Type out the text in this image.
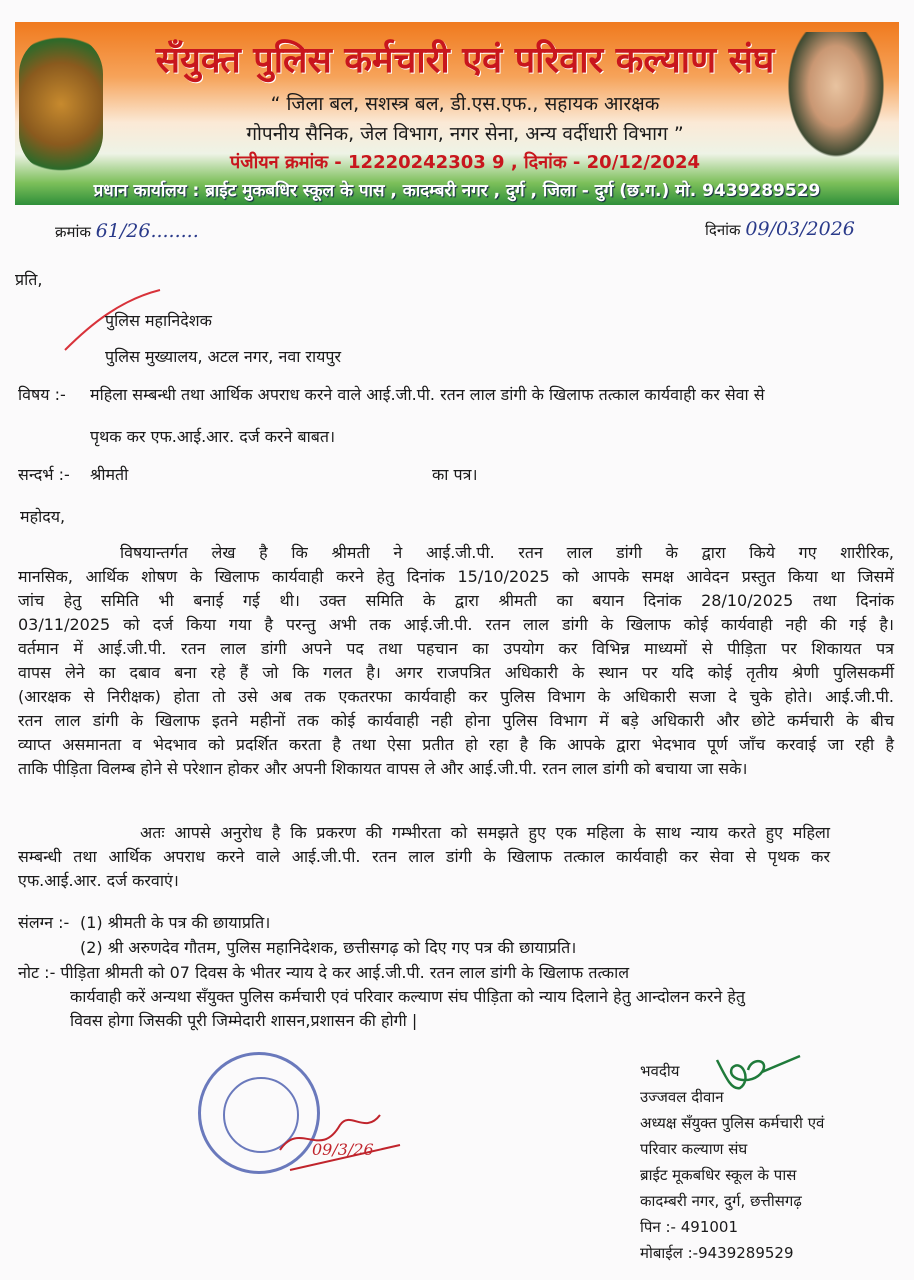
सँयुक्त पुलिस कर्मचारी एवं परिवार कल्याण संघ
“ जिला बल, सशस्त्र बल, डी.एस.एफ., सहायक आरक्षक
गोपनीय सैनिक, जेल विभाग, नगर सेना, अन्य वर्दीधारी विभाग ”
पंजीयन क्रमांक - 12220242303 9 , दिनांक - 20/12/2024
प्रधान कार्यालय : ब्राईट मुकबधिर स्कूल के पास , कादम्बरी नगर , दुर्ग , जिला - दुर्ग (छ.ग.) मो. 9439289529
क्रमांक 61/26........	दिनांक 09/03/2026
प्रति,
पुलिस महानिदेशक
पुलिस मुख्यालय, अटल नगर, नवा रायपुर
विषय :- महिला सम्बन्धी तथा आर्थिक अपराध करने वाले आई.जी.पी. रतन लाल डांगी के खिलाफ तत्काल कार्यवाही कर सेवा से
पृथक कर एफ.आई.आर. दर्ज करने बाबत।
सन्दर्भ :- श्रीमती	का पत्र।
महोदय,
विषयान्तर्गत लेख है कि श्रीमती ने आई.जी.पी. रतन लाल डांगी के द्वारा किये गए शारीरिक,
मानसिक, आर्थिक शोषण के खिलाफ कार्यवाही करने हेतु दिनांक 15/10/2025 को आपके समक्ष आवेदन प्रस्तुत किया था जिसमें
जांच हेतु समिति भी बनाई गई थी। उक्त समिति के द्वारा श्रीमती का बयान दिनांक 28/10/2025 तथा दिनांक
03/11/2025 को दर्ज किया गया है परन्तु अभी तक आई.जी.पी. रतन लाल डांगी के खिलाफ कोई कार्यवाही नही की गई है।
वर्तमान में आई.जी.पी. रतन लाल डांगी अपने पद तथा पहचान का उपयोग कर विभिन्न माध्यमों से पीड़िता पर शिकायत पत्र
वापस लेने का दबाव बना रहे हैं जो कि गलत है। अगर राजपत्रित अधिकारी के स्थान पर यदि कोई तृतीय श्रेणी पुलिसकर्मी
(आरक्षक से निरीक्षक) होता तो उसे अब तक एकतरफा कार्यवाही कर पुलिस विभाग के अधिकारी सजा दे चुके होते। आई.जी.पी.
रतन लाल डांगी के खिलाफ इतने महीनों तक कोई कार्यवाही नही होना पुलिस विभाग में बड़े अधिकारी और छोटे कर्मचारी के बीच
व्याप्त असमानता व भेदभाव को प्रदर्शित करता है तथा ऐसा प्रतीत हो रहा है कि आपके द्वारा भेदभाव पूर्ण जाँच करवाई जा रही है
ताकि पीड़िता विलम्ब होने से परेशान होकर और अपनी शिकायत वापस ले और आई.जी.पी. रतन लाल डांगी को बचाया जा सके।
अतः आपसे अनुरोध है कि प्रकरण की गम्भीरता को समझते हुए एक महिला के साथ न्याय करते हुए महिला
सम्बन्धी तथा आर्थिक अपराध करने वाले आई.जी.पी. रतन लाल डांगी के खिलाफ तत्काल कार्यवाही कर सेवा से पृथक कर
एफ.आई.आर. दर्ज करवाएं।
संलग्न :- (1) श्रीमती के पत्र की छायाप्रति।
(2) श्री अरुणदेव गौतम, पुलिस महानिदेशक, छत्तीसगढ़ को दिए गए पत्र की छायाप्रति।
नोट :- पीड़िता श्रीमती को 07 दिवस के भीतर न्याय दे कर आई.जी.पी. रतन लाल डांगी के खिलाफ तत्काल
कार्यवाही करें अन्यथा सँयुक्त पुलिस कर्मचारी एवं परिवार कल्याण संघ पीड़िता को न्याय दिलाने हेतु आन्दोलन करने हेतु
विवस होगा जिसकी पूरी जिम्मेदारी शासन,प्रशासन की होगी |
09/3/26
भवदीय
उज्जवल दीवान
अध्यक्ष सँयुक्त पुलिस कर्मचारी एवं
परिवार कल्याण संघ
ब्राईट मूकबधिर स्कूल के पास
कादम्बरी नगर, दुर्ग, छत्तीसगढ़
पिन :- 491001
मोबाईल :-9439289529
